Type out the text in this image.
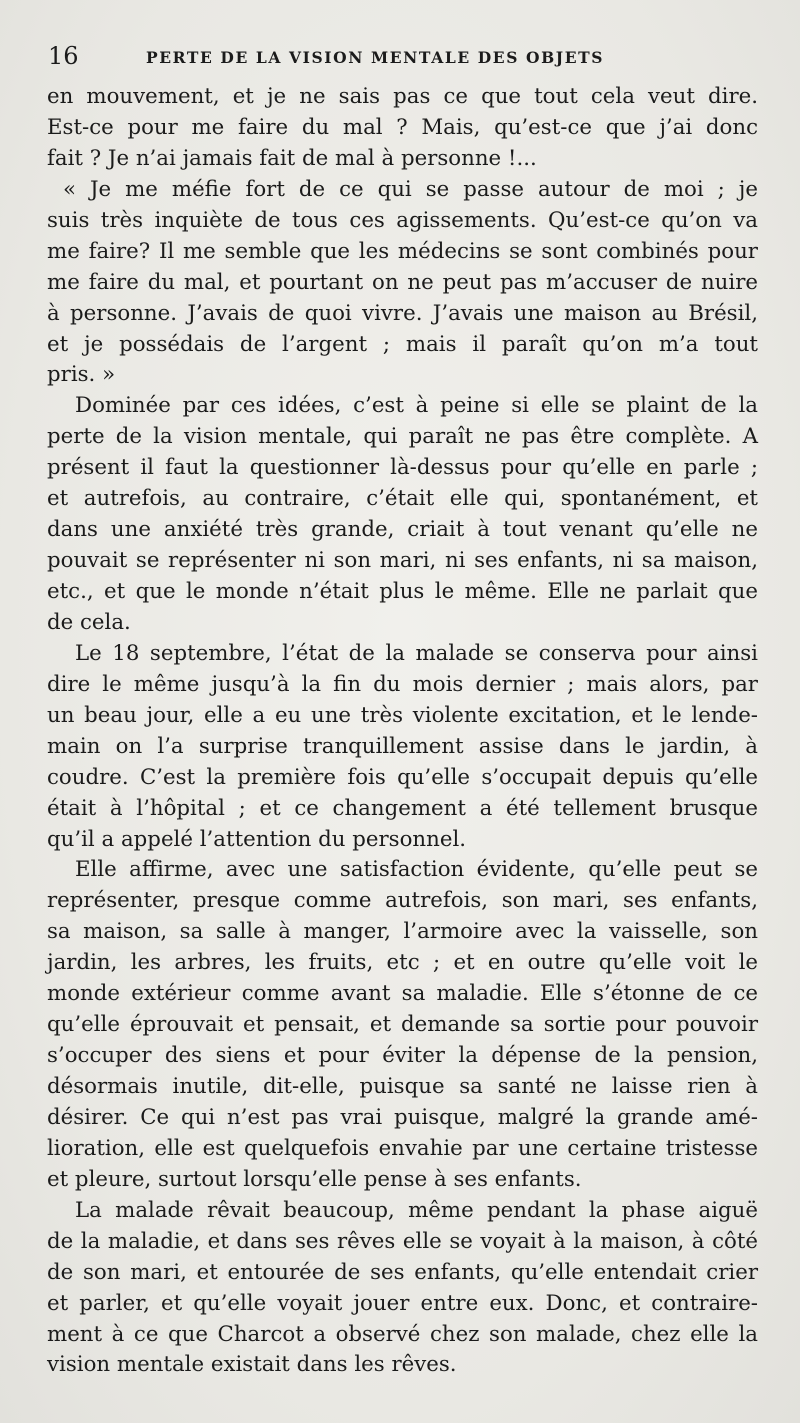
16	PERTE DE LA VISION MENTALE DES OBJETS
en mouvement, et je ne sais pas ce que tout cela veut dire.
Est-ce pour me faire du mal ? Mais, qu’est-ce que j’ai donc
fait ? Je n’ai jamais fait de mal à personne !...
« Je me méfie fort de ce qui se passe autour de moi ; je
suis très inquiète de tous ces agissements. Qu’est-ce qu’on va
me faire? Il me semble que les médecins se sont combinés pour
me faire du mal, et pourtant on ne peut pas m’accuser de nuire
à personne. J’avais de quoi vivre. J’avais une maison au Brésil,
et je possédais de l’argent ; mais il paraît qu’on m’a tout
pris. »
Dominée par ces idées, c’est à peine si elle se plaint de la
perte de la vision mentale, qui paraît ne pas être complète. A
présent il faut la questionner là-dessus pour qu’elle en parle ;
et autrefois, au contraire, c’était elle qui, spontanément, et
dans une anxiété très grande, criait à tout venant qu’elle ne
pouvait se représenter ni son mari, ni ses enfants, ni sa maison,
etc., et que le monde n’était plus le même. Elle ne parlait que
de cela.
Le 18 septembre, l’état de la malade se conserva pour ainsi
dire le même jusqu’à la fin du mois dernier ; mais alors, par
un beau jour, elle a eu une très violente excitation, et le lende-
main on l’a surprise tranquillement assise dans le jardin, à
coudre. C’est la première fois qu’elle s’occupait depuis qu’elle
était à l’hôpital ; et ce changement a été tellement brusque
qu’il a appelé l’attention du personnel.
Elle affirme, avec une satisfaction évidente, qu’elle peut se
représenter, presque comme autrefois, son mari, ses enfants,
sa maison, sa salle à manger, l’armoire avec la vaisselle, son
jardin, les arbres, les fruits, etc ; et en outre qu’elle voit le
monde extérieur comme avant sa maladie. Elle s’étonne de ce
qu’elle éprouvait et pensait, et demande sa sortie pour pouvoir
s’occuper des siens et pour éviter la dépense de la pension,
désormais inutile, dit-elle, puisque sa santé ne laisse rien à
désirer. Ce qui n’est pas vrai puisque, malgré la grande amé-
lioration, elle est quelquefois envahie par une certaine tristesse
et pleure, surtout lorsqu’elle pense à ses enfants.
La malade rêvait beaucoup, même pendant la phase aiguë
de la maladie, et dans ses rêves elle se voyait à la maison, à côté
de son mari, et entourée de ses enfants, qu’elle entendait crier
et parler, et qu’elle voyait jouer entre eux. Donc, et contraire-
ment à ce que Charcot a observé chez son malade, chez elle la
vision mentale existait dans les rêves.
